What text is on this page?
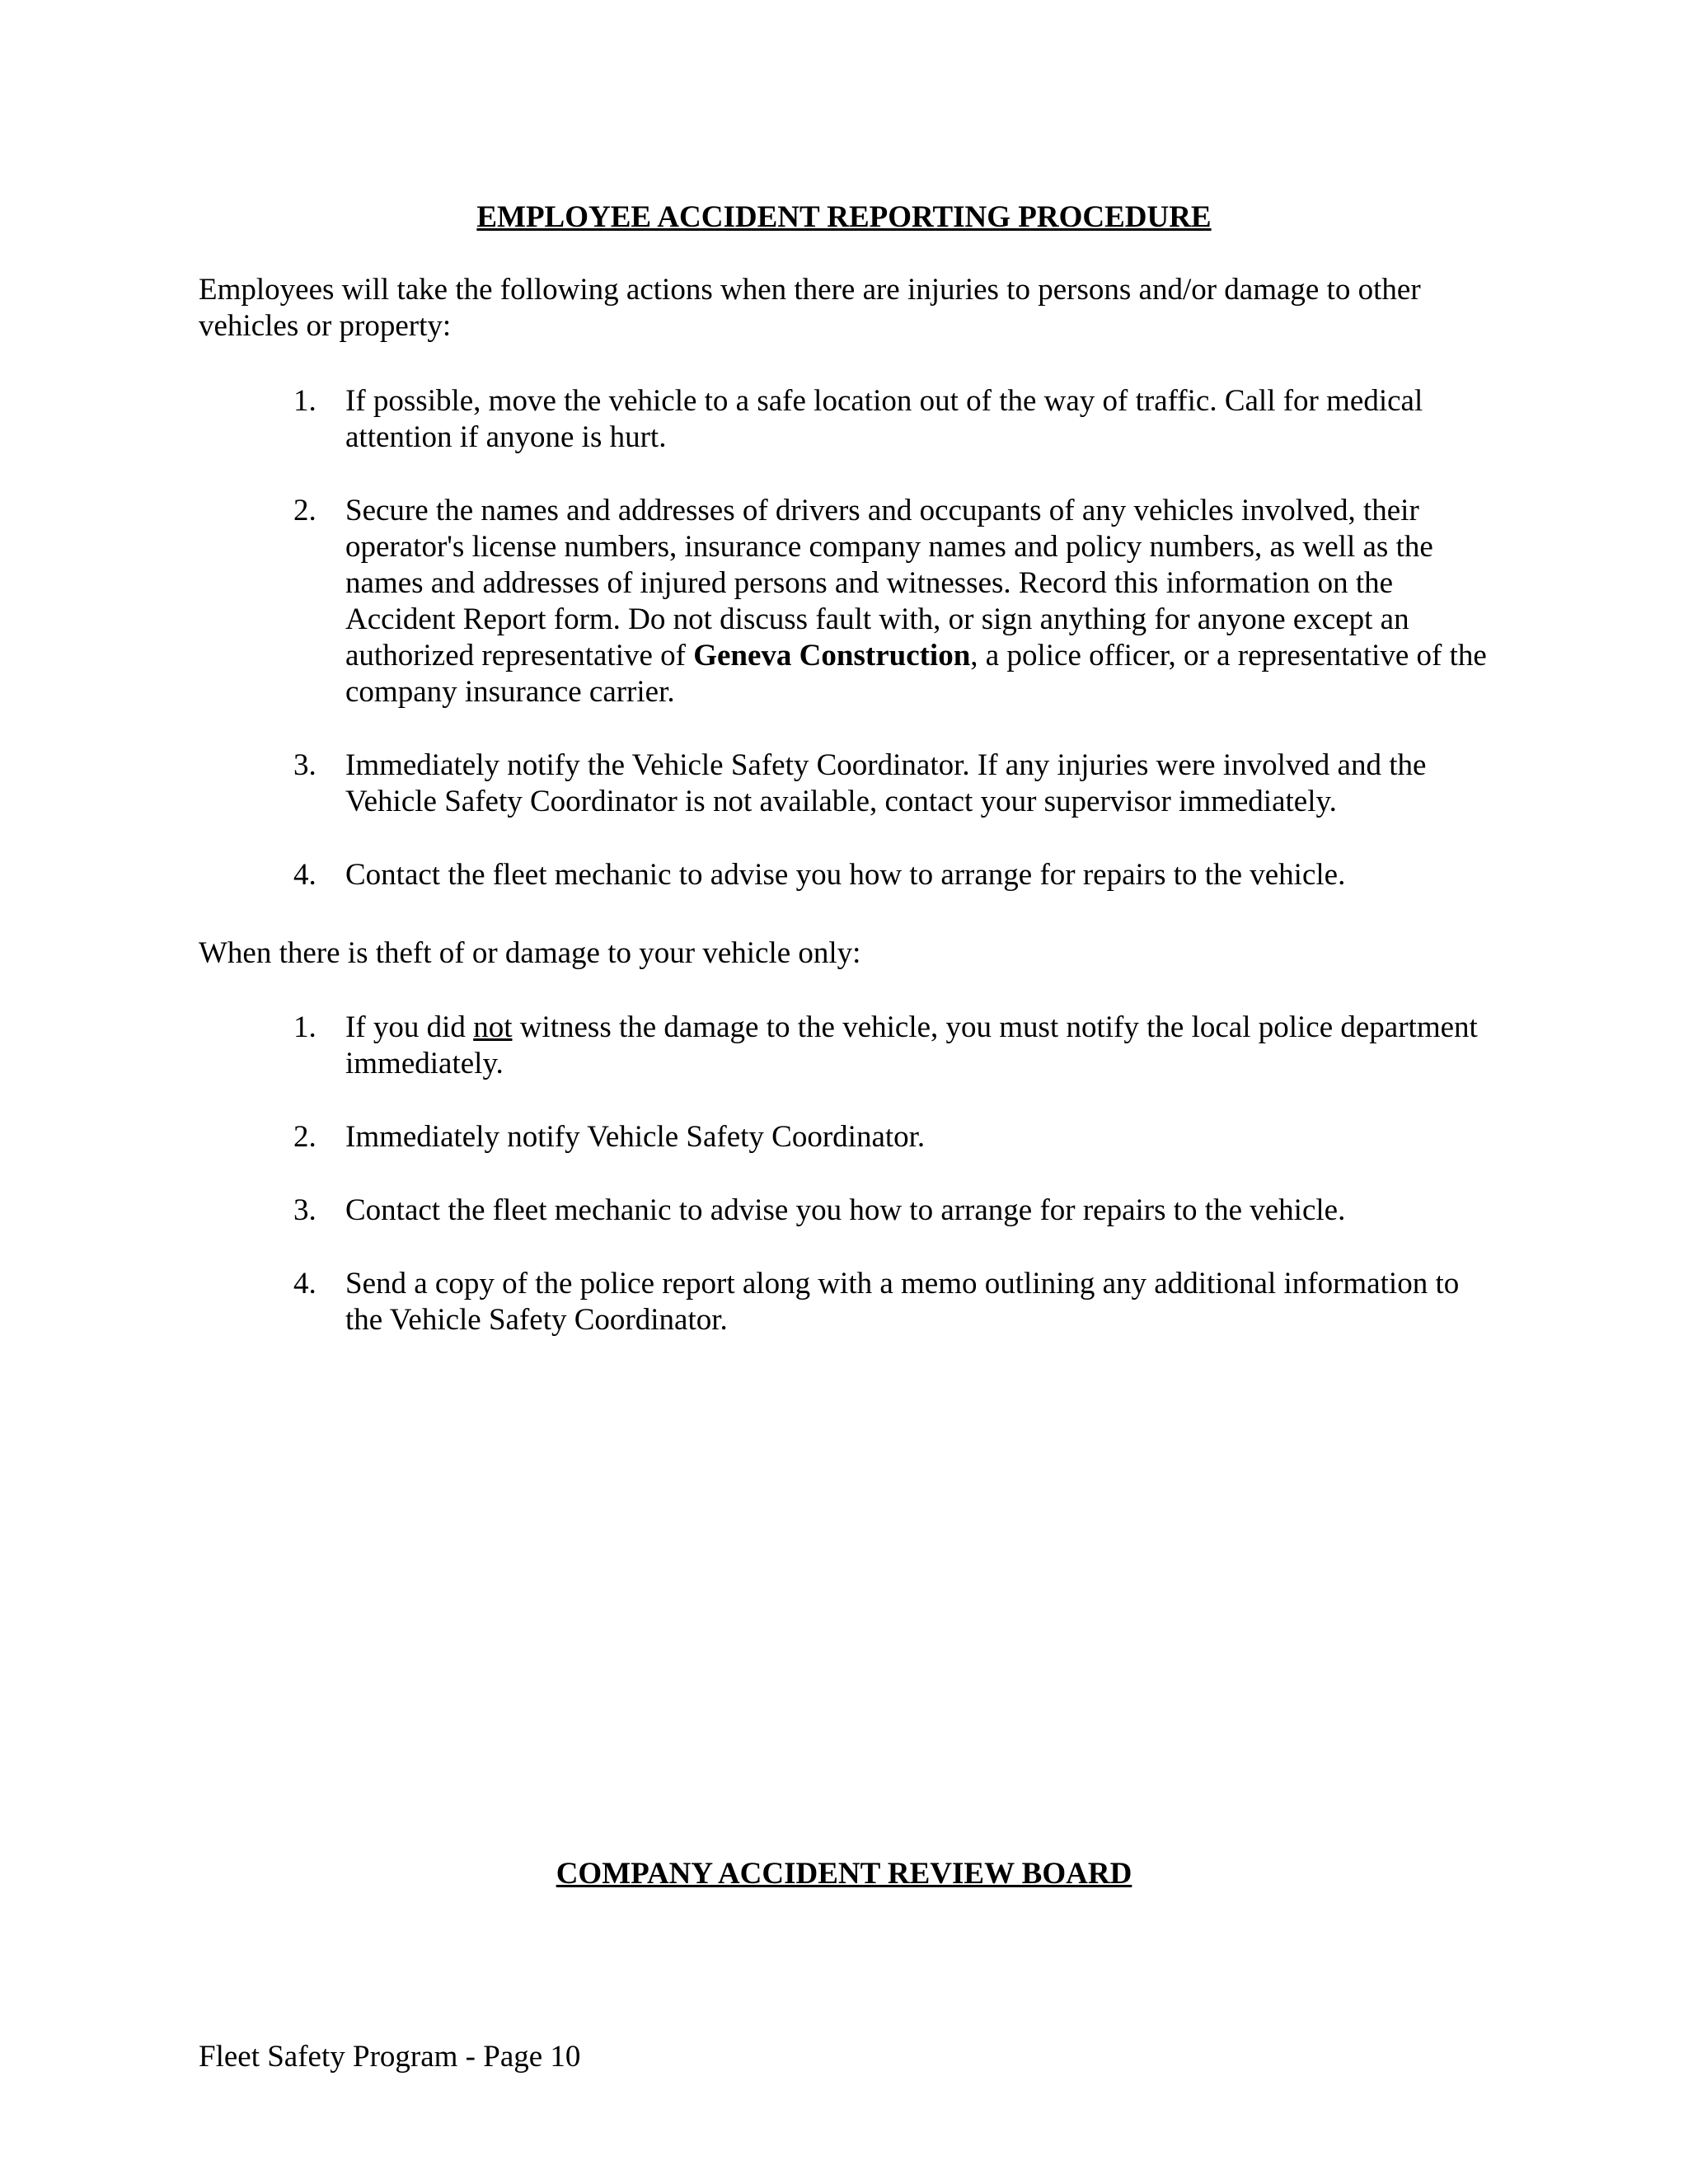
EMPLOYEE ACCIDENT REPORTING PROCEDURE

Employees will take the following actions when there are injuries to persons and/or damage to other vehicles or property:

1. If possible, move the vehicle to a safe location out of the way of traffic. Call for medical attention if anyone is hurt.
2. Secure the names and addresses of drivers and occupants of any vehicles involved, their operator's license numbers, insurance company names and policy numbers, as well as the names and addresses of injured persons and witnesses. Record this information on the Accident Report form. Do not discuss fault with, or sign anything for anyone except an authorized representative of Geneva Construction, a police officer, or a representative of the company insurance carrier.
3. Immediately notify the Vehicle Safety Coordinator. If any injuries were involved and the Vehicle Safety Coordinator is not available, contact your supervisor immediately.
4. Contact the fleet mechanic to advise you how to arrange for repairs to the vehicle.

When there is theft of or damage to your vehicle only:

1. If you did not witness the damage to the vehicle, you must notify the local police department immediately.
2. Immediately notify Vehicle Safety Coordinator.
3. Contact the fleet mechanic to advise you how to arrange for repairs to the vehicle.
4. Send a copy of the police report along with a memo outlining any additional information to the Vehicle Safety Coordinator.
COMPANY ACCIDENT REVIEW BOARD

Fleet Safety Program - Page 10
